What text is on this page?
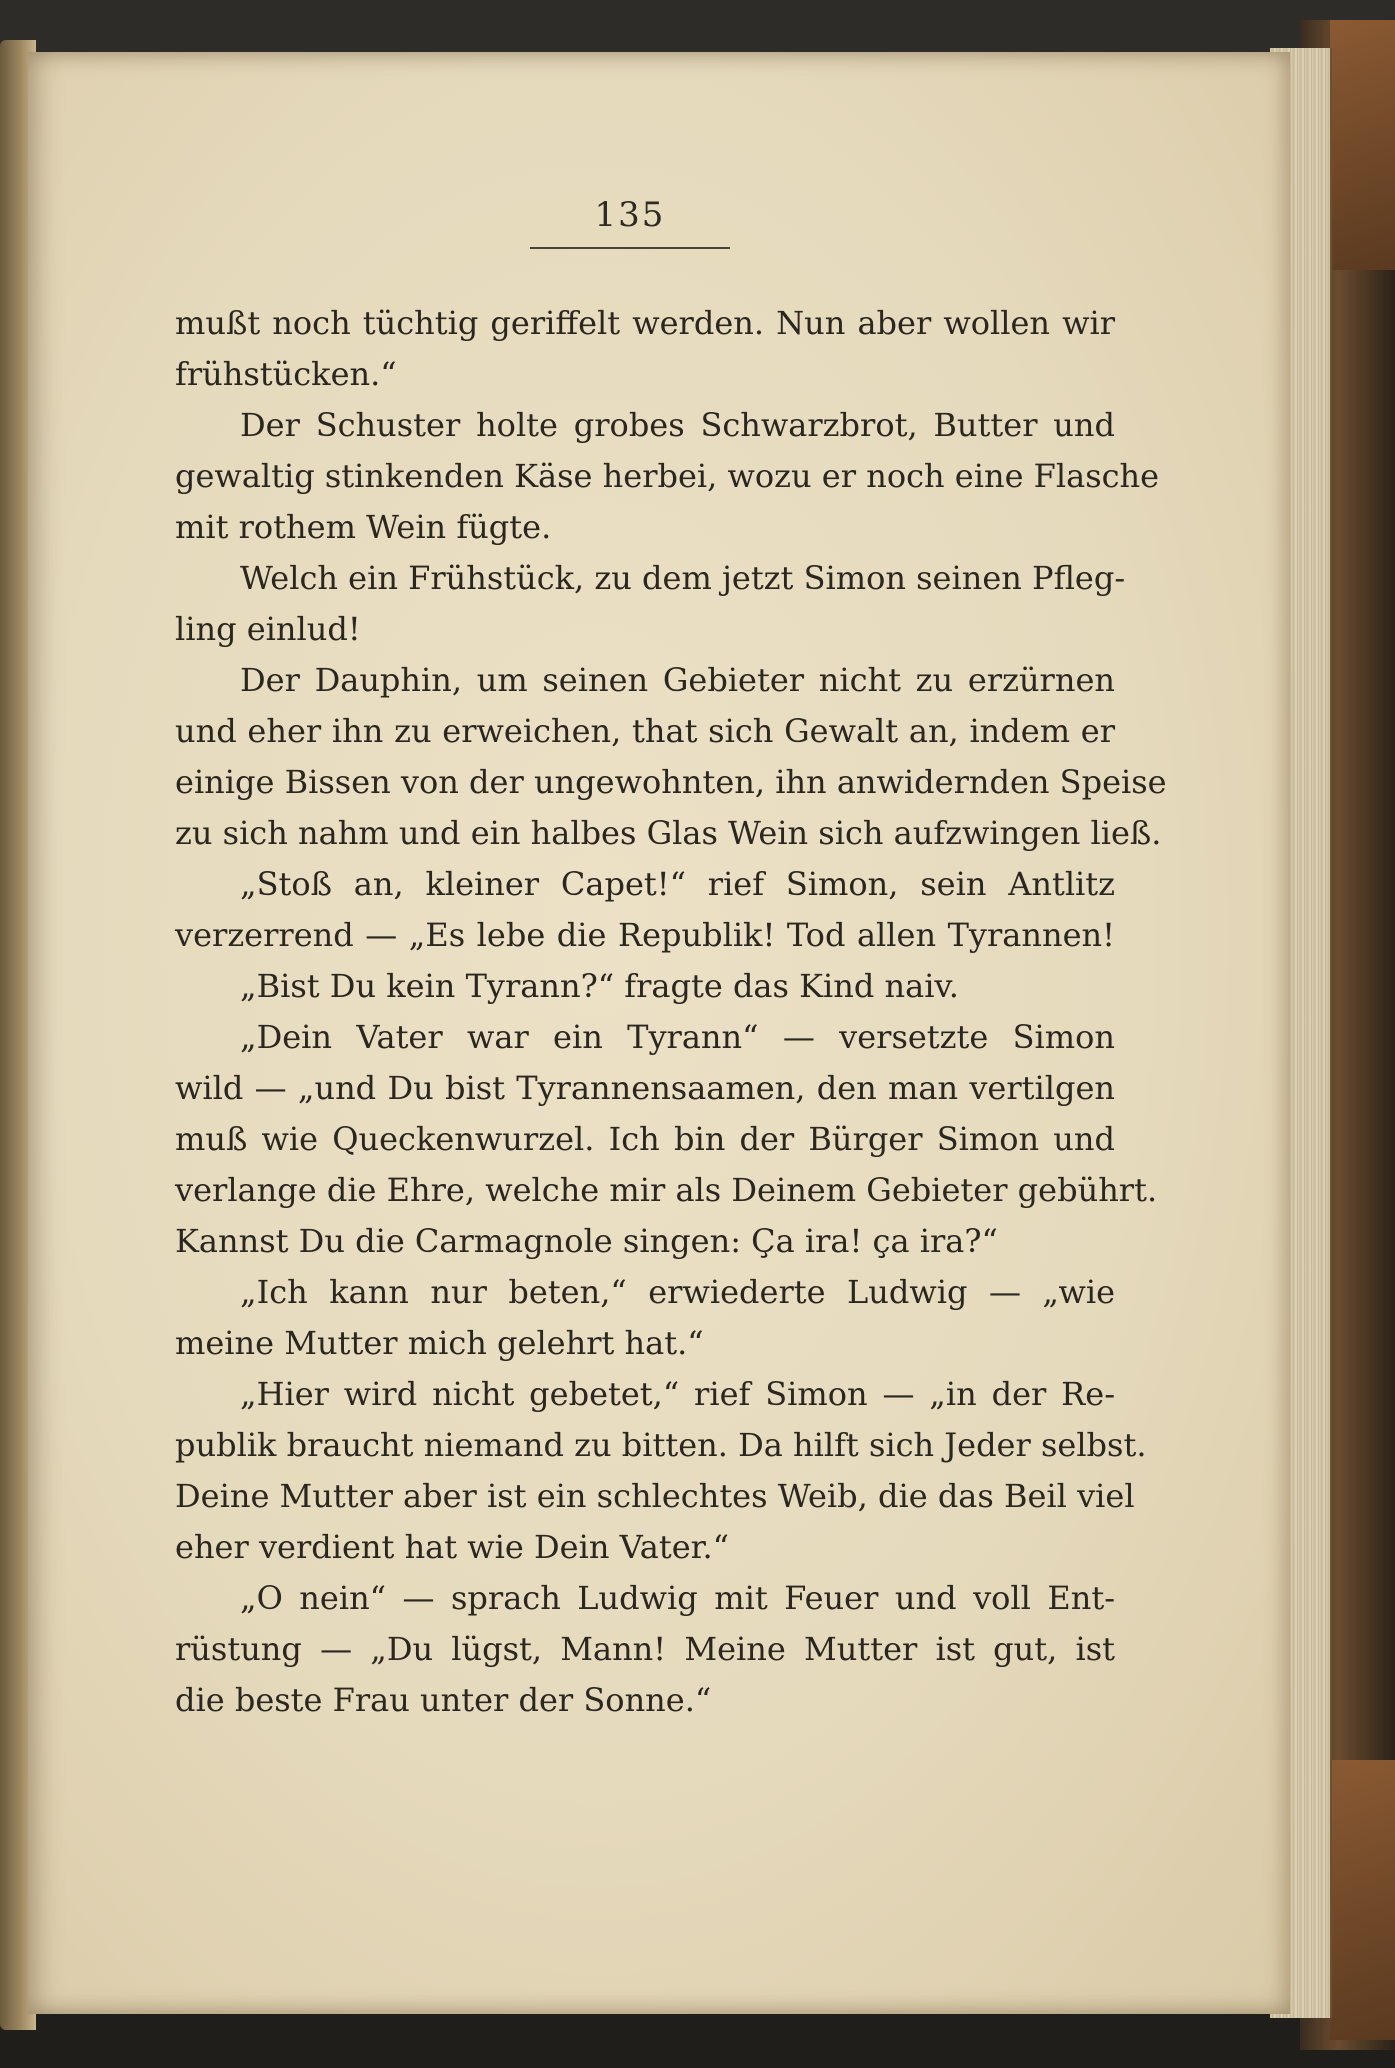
135

mußt noch tüchtig geriffelt werden. Nun aber wollen wir
frühstücken.“

Der Schuster holte grobes Schwarzbrot, Butter und
gewaltig stinkenden Käse herbei, wozu er noch eine Flasche
mit rothem Wein fügte.

Welch ein Frühstück, zu dem jetzt Simon seinen Pfleg-
ling einlud!

Der Dauphin, um seinen Gebieter nicht zu erzürnen
und eher ihn zu erweichen, that sich Gewalt an, indem er
einige Bissen von der ungewohnten, ihn anwidernden Speise
zu sich nahm und ein halbes Glas Wein sich aufzwingen ließ.

„Stoß an, kleiner Capet!“ rief Simon, sein Antlitz
verzerrend — „Es lebe die Republik! Tod allen Tyrannen!

„Bist Du kein Tyrann?“ fragte das Kind naiv.

„Dein Vater war ein Tyrann“ — versetzte Simon
wild — „und Du bist Tyrannensaamen, den man vertilgen
muß wie Queckenwurzel. Ich bin der Bürger Simon und
verlange die Ehre, welche mir als Deinem Gebieter gebührt.
Kannst Du die Carmagnole singen: Ça ira! ça ira?“

„Ich kann nur beten,“ erwiederte Ludwig — „wie
meine Mutter mich gelehrt hat.“

„Hier wird nicht gebetet,“ rief Simon — „in der Re-
publik braucht niemand zu bitten. Da hilft sich Jeder selbst.
Deine Mutter aber ist ein schlechtes Weib, die das Beil viel
eher verdient hat wie Dein Vater.“

„O nein“ — sprach Ludwig mit Feuer und voll Ent-
rüstung — „Du lügst, Mann! Meine Mutter ist gut, ist
die beste Frau unter der Sonne.“
